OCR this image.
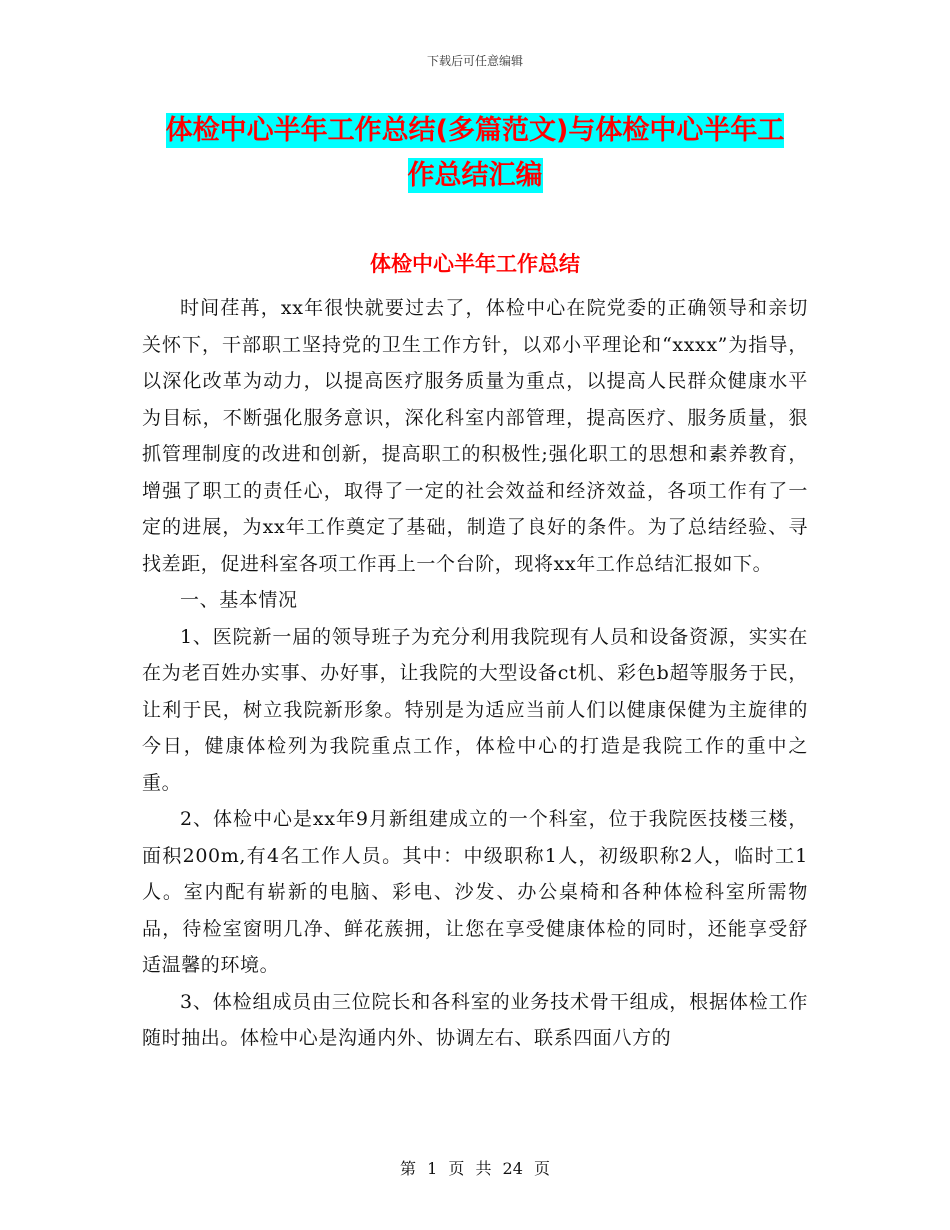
下载后可任意编辑
体检中心半年工作总结(多篇范文)与体检中心半年工
作总结汇编
体检中心半年工作总结

时间荏苒，xx年很快就要过去了，体检中心在院党委的正确领导和亲切关怀下，干部职工坚持党的卫生工作方针，以邓小平理论和“xxxx”为指导，以深化改革为动力，以提高医疗服务质量为重点，以提高人民群众健康水平为目标，不断强化服务意识，深化科室内部管理，提高医疗、服务质量，狠抓管理制度的改进和创新，提高职工的积极性;强化职工的思想和素养教育，增强了职工的责任心，取得了一定的社会效益和经济效益，各项工作有了一定的进展，为xx年工作奠定了基础，制造了良好的条件。为了总结经验、寻找差距，促进科室各项工作再上一个台阶，现将xx年工作总结汇报如下。

一、基本情况

1、医院新一届的领导班子为充分利用我院现有人员和设备资源，实实在在为老百姓办实事、办好事，让我院的大型设备ct机、彩色b超等服务于民，让利于民，树立我院新形象。特别是为适应当前人们以健康保健为主旋律的今日，健康体检列为我院重点工作，体检中心的打造是我院工作的重中之重。

2、体检中心是xx年9月新组建成立的一个科室，位于我院医技楼三楼，面积200m,有4名工作人员。其中：中级职称1人，初级职称2人，临时工1人。室内配有崭新的电脑、彩电、沙发、办公桌椅和各种体检科室所需物品，待检室窗明几净、鲜花蔟拥，让您在享受健康体检的同时，还能享受舒适温馨的环境。

3、体检组成员由三位院长和各科室的业务技术骨干组成，根据体检工作随时抽出。体检中心是沟通内外、协调左右、联系四面八方的

第 1 页 共 24 页
